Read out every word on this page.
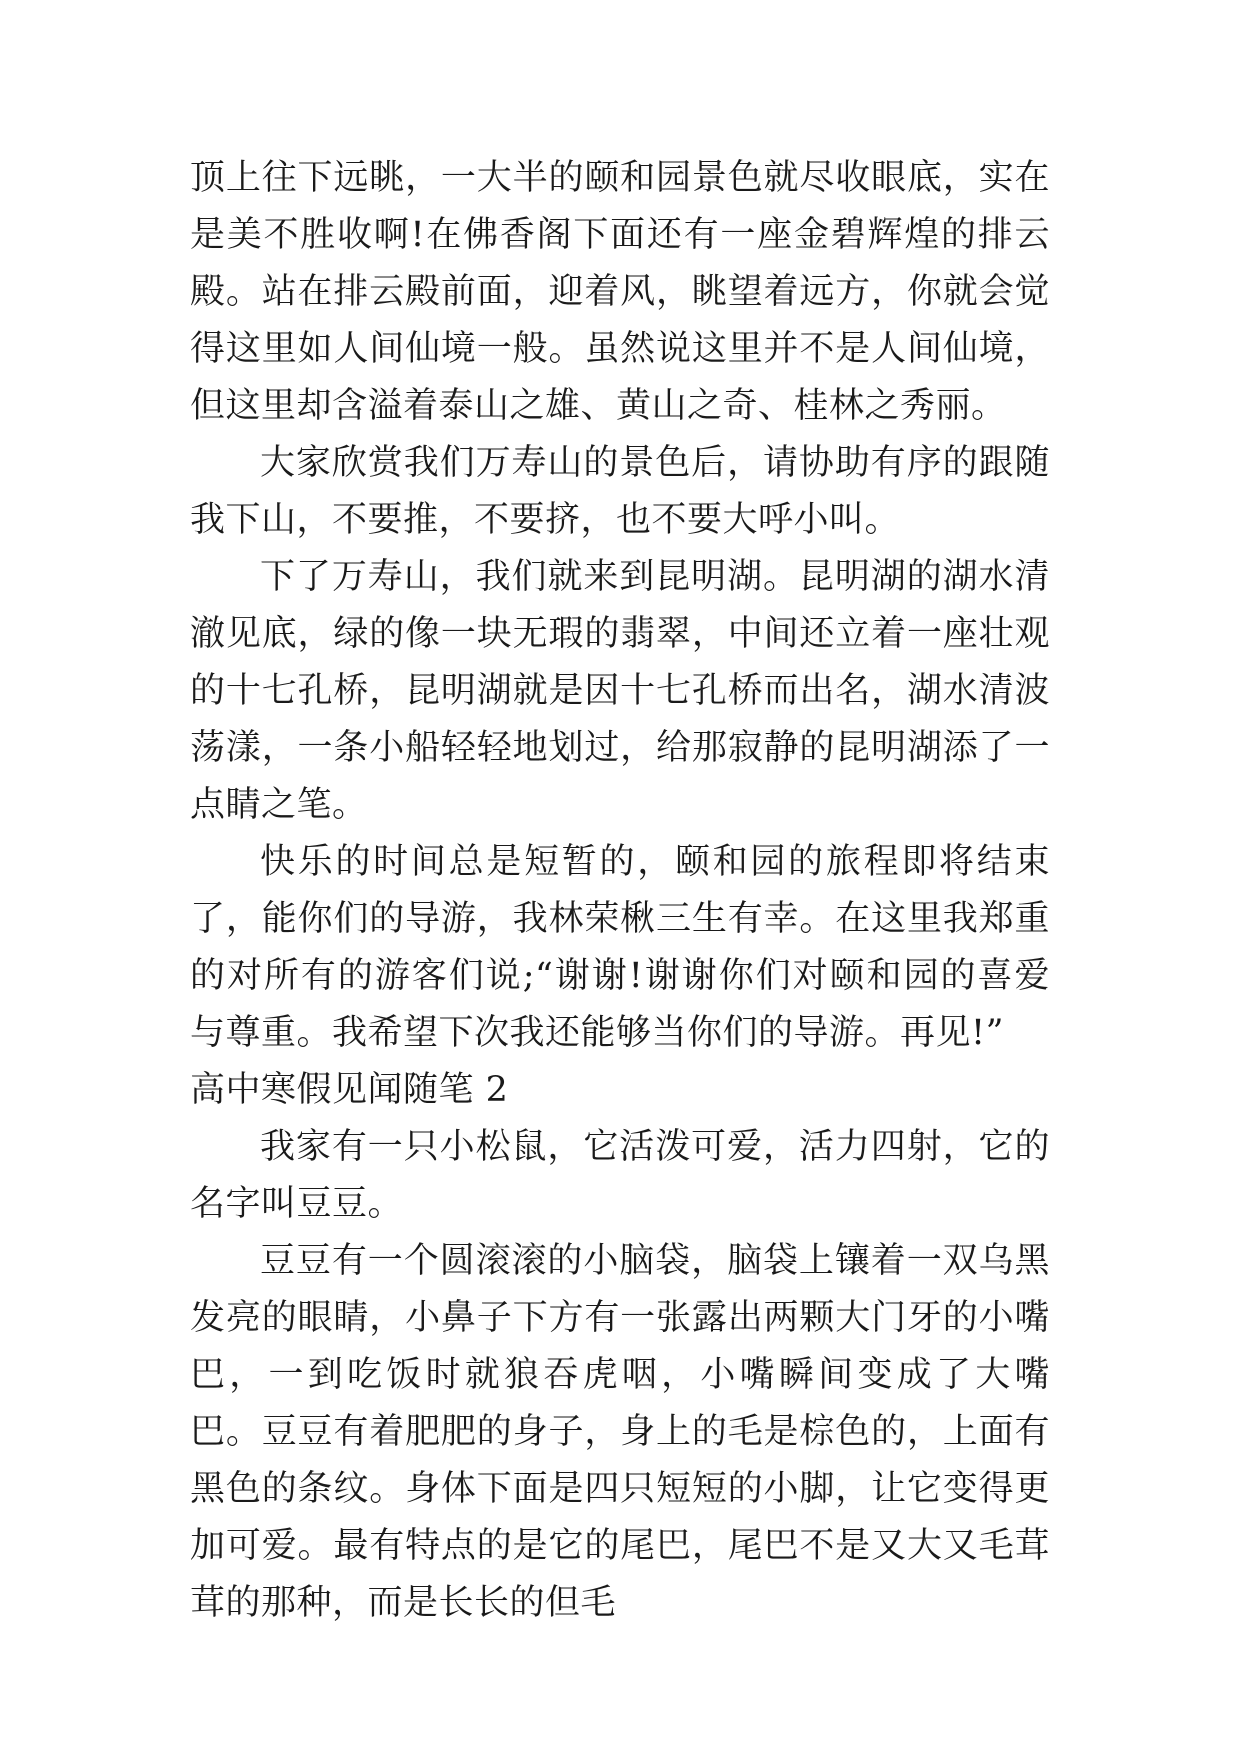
顶上往下远眺，一大半的颐和园景色就尽收眼底，实在是美不胜收啊!在佛香阁下面还有一座金碧辉煌的排云殿。站在排云殿前面，迎着风，眺望着远方，你就会觉得这里如人间仙境一般。虽然说这里并不是人间仙境，但这里却含溢着泰山之雄、黄山之奇、桂林之秀丽。

大家欣赏我们万寿山的景色后，请协助有序的跟随我下山，不要推，不要挤，也不要大呼小叫。

下了万寿山，我们就来到昆明湖。昆明湖的湖水清澈见底，绿的像一块无瑕的翡翠，中间还立着一座壮观的十七孔桥，昆明湖就是因十七孔桥而出名，湖水清波荡漾，一条小船轻轻地划过，给那寂静的昆明湖添了一点睛之笔。

快乐的时间总是短暂的，颐和园的旅程即将结束了，能你们的导游，我林荣楸三生有幸。在这里我郑重的对所有的游客们说;“谢谢!谢谢你们对颐和园的喜爱与尊重。我希望下次我还能够当你们的导游。再见!”

高中寒假见闻随笔 2

我家有一只小松鼠，它活泼可爱，活力四射，它的名字叫豆豆。

豆豆有一个圆滚滚的小脑袋，脑袋上镶着一双乌黑发亮的眼睛，小鼻子下方有一张露出两颗大门牙的小嘴巴，一到吃饭时就狼吞虎咽，小嘴瞬间变成了大嘴 巴。豆豆有着肥肥的身子，身上的毛是棕色的，上面有黑色的条纹。身体下面是四只短短的小脚，让它变得更加可爱。最有特点的是它的尾巴，尾巴不是又大又毛茸 茸的那种，而是长长的但毛
